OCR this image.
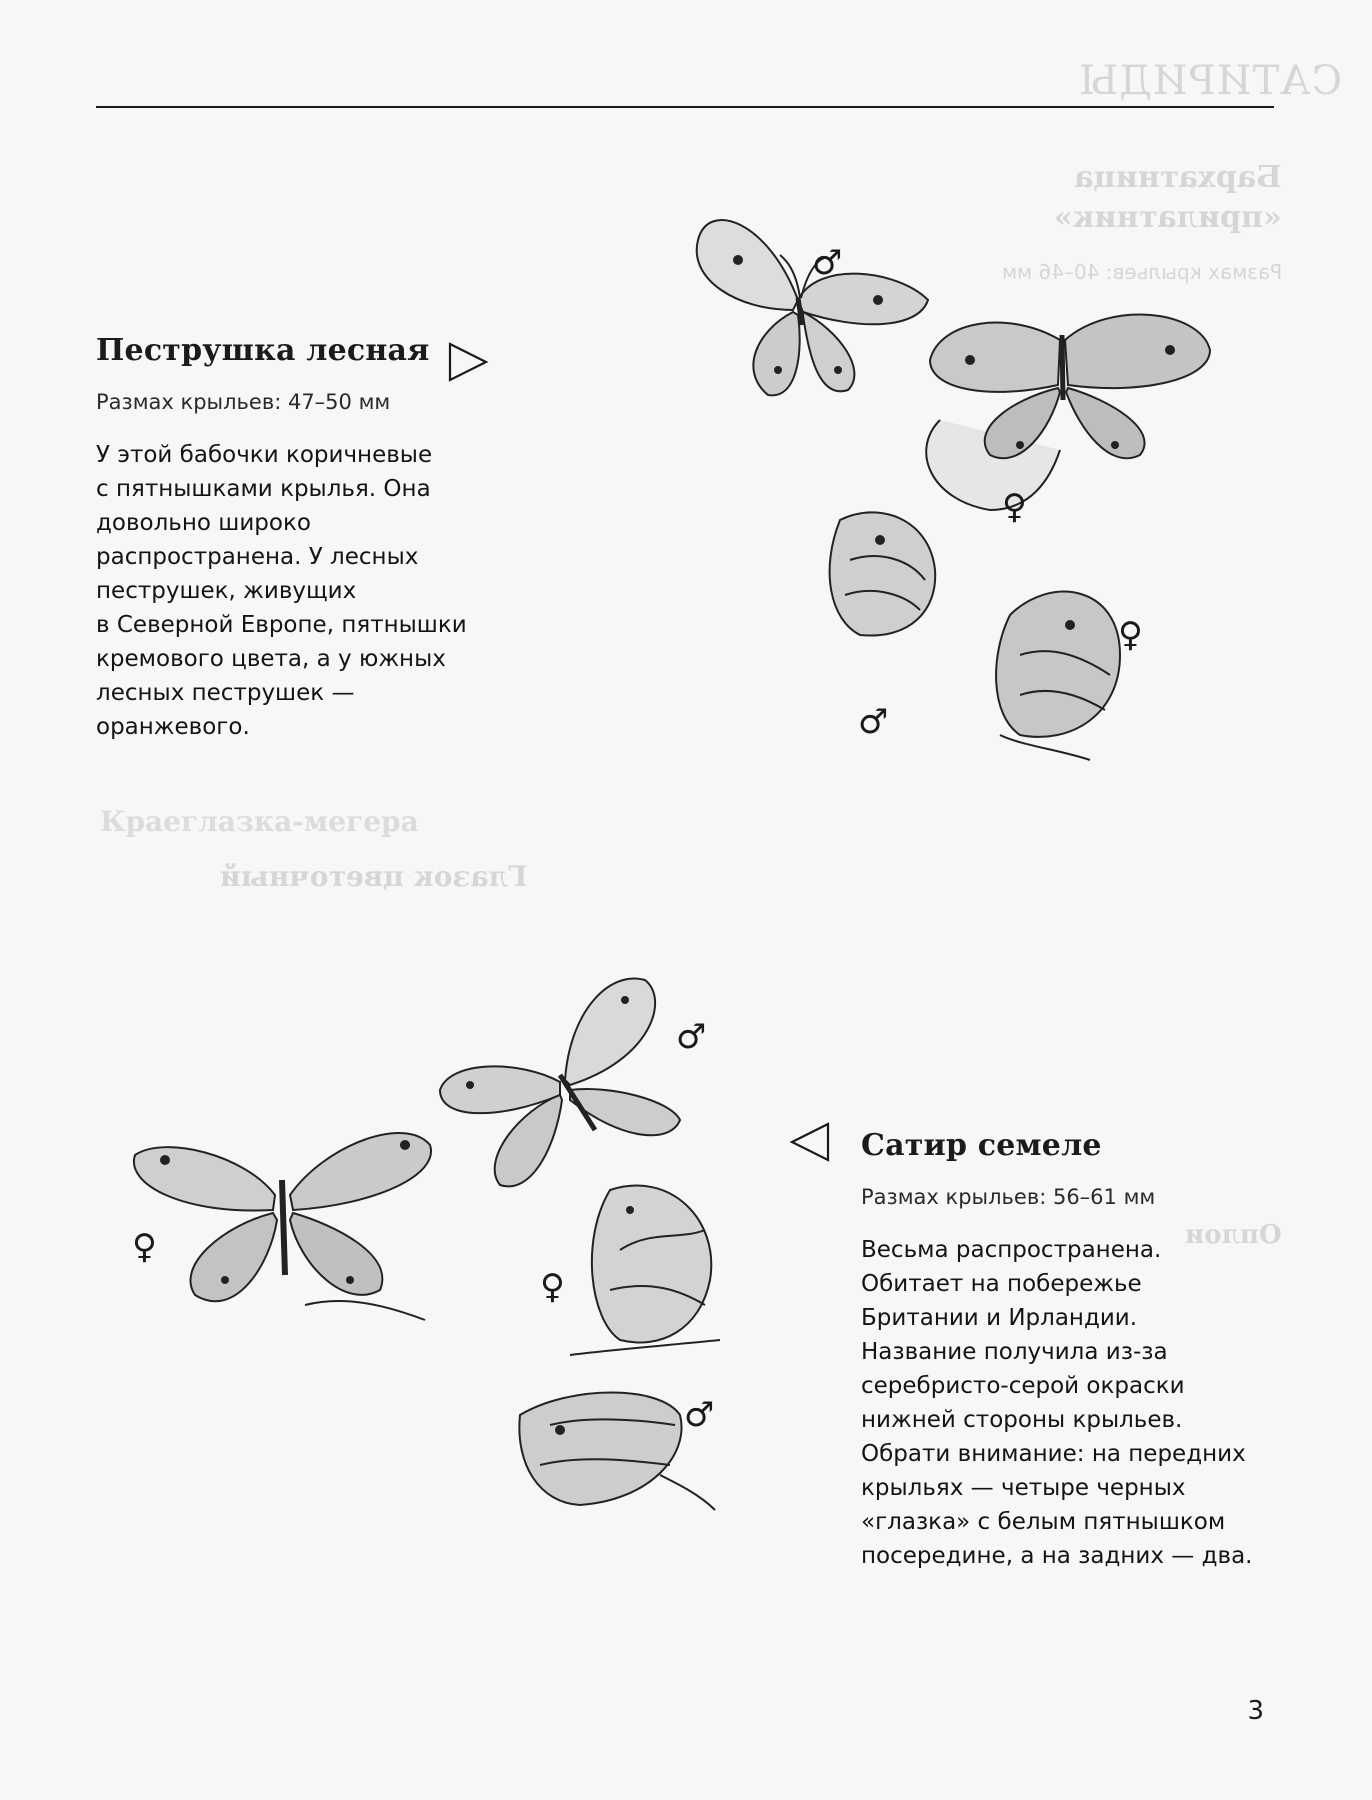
САТИРИДЫ
Бархатница
«прилатник»
Размах крыльев: 40–46 мм
Краеглазка-мегера
Глазок цветочный
Оплои
Пеструшка лесная
Размах крыльев: 47–50 мм
У этой бабочки коричневые
с пятнышками крылья. Она
довольно широко
распространена. У лесных
пеструшек, живущих
в Северной Европе, пятнышки
кремового цвета, а у южных
лесных пеструшек —
оранжевого.
Сатир семеле
Размах крыльев: 56–61 мм
Весьма распространена.
Обитает на побережье
Британии и Ирландии.
Название получила из-за
серебристо-серой окраски
нижней стороны крыльев.
Обрати внимание: на передних
крыльях — четыре черных
«глазка» с белым пятнышком
посередине, а на задних — два.
♂
♀
♀
♂
♂
♀
♀
♂
3
